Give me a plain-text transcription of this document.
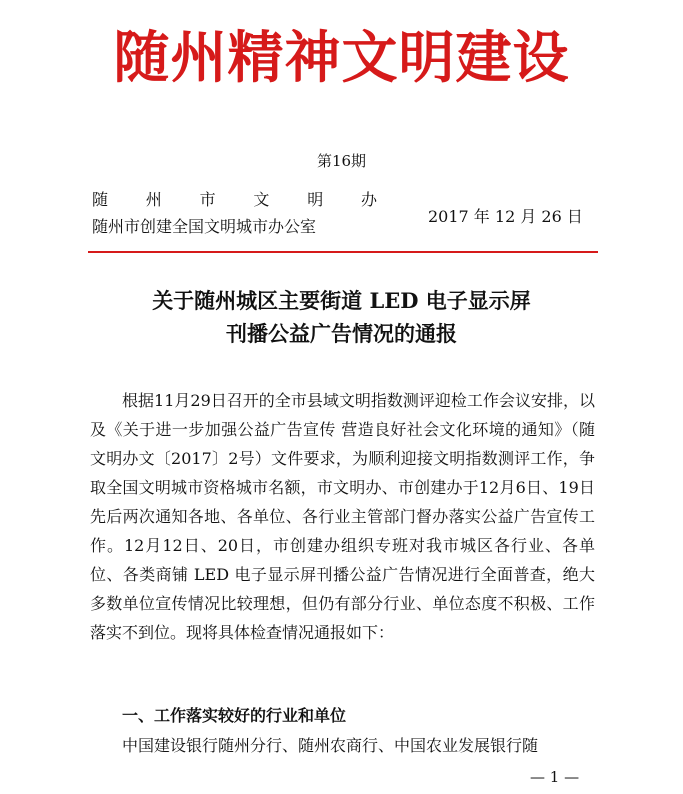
随州精神文明建设
第16期
随 州 市 文 明 办
随州市创建全国文明城市办公室
2017 年 12 月 26 日
关于随州城区主要街道 LED 电子显示屏
刊播公益广告情况的通报

根据11月29日召开的全市县域文明指数测评迎检工作会议安排，以及《关于进一步加强公益广告宣传 营造良好社会文化环境的通知》（随文明办文〔2017〕2号）文件要求，为顺利迎接文明指数测评工作，争取全国文明城市资格城市名额，市文明办、市创建办于12月6日、19日先后两次通知各地、各单位、各行业主管部门督办落实公益广告宣传工作。12月12日、20日，市创建办组织专班对我市城区各行业、各单位、各类商铺 LED 电子显示屏刊播公益广告情况进行全面普查，绝大多数单位宣传情况比较理想，但仍有部分行业、单位态度不积极、工作落实不到位。现将具体检查情况通报如下：

一、工作落实较好的行业和单位
中国建设银行随州分行、随州农商行、中国农业发展银行随
— 1 —
